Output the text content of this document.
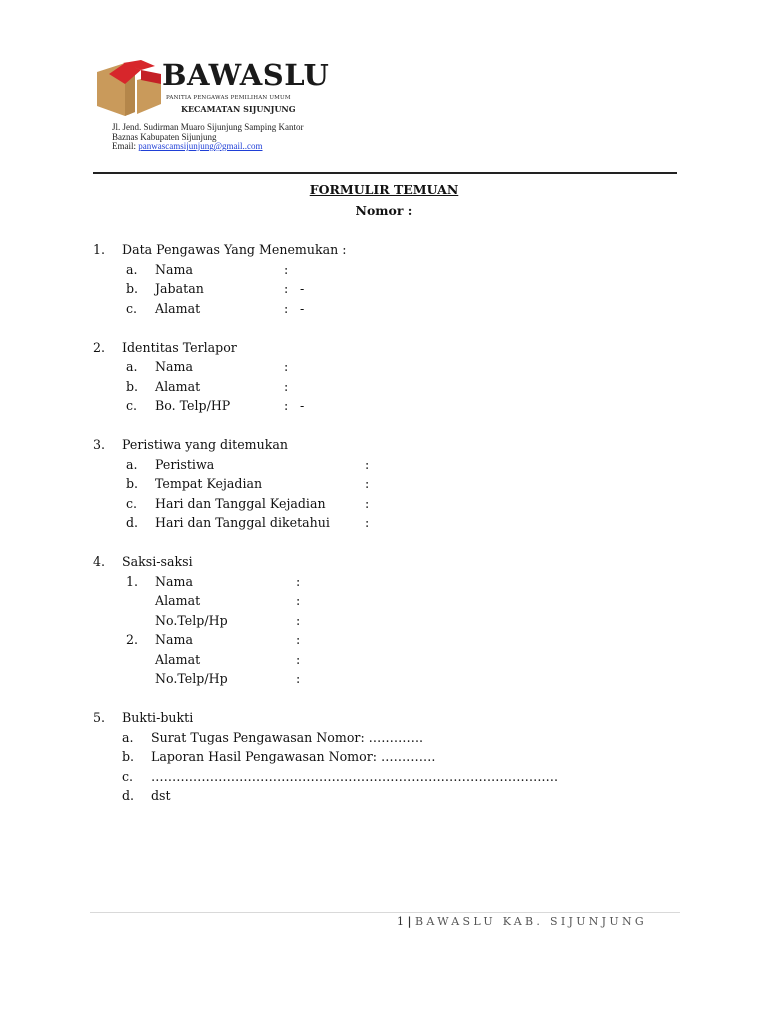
BAWASLU
PANITIA PENGAWAS PEMILIHAN UMUM
KECAMATAN SIJUNJUNG
Jl. Jend. Sudirman Muaro Sijunjung Samping Kantor
Baznas Kabupaten Sijunjung
Email: panwascamsijunjung@gmail..com
FORMULIR TEMUAN
Nomor :
1. Data Pengawas Yang Menemukan :
a. Nama	:
b. Jabatan	: -
c. Alamat	: -
2. Identitas Terlapor
a. Nama	:
b. Alamat	:
c. Bo. Telp/HP	: -
3. Peristiwa yang ditemukan
a. Peristiwa	:
b. Tempat Kejadian	:
c. Hari dan Tanggal Kejadian	:
d. Hari dan Tanggal diketahui	:
4. Saksi-saksi
1. Nama	:
Alamat	:
No.Telp/Hp	:
2. Nama	:
Alamat	:
No.Telp/Hp	:
5. Bukti-bukti
a. Surat Tugas Pengawasan Nomor: ………….
b. Laporan Hasil Pengawasan Nomor: ………….
c. …………………………………………………………………………………….
d. dst
1 | BAWASLU KAB. SIJUNJUNG
